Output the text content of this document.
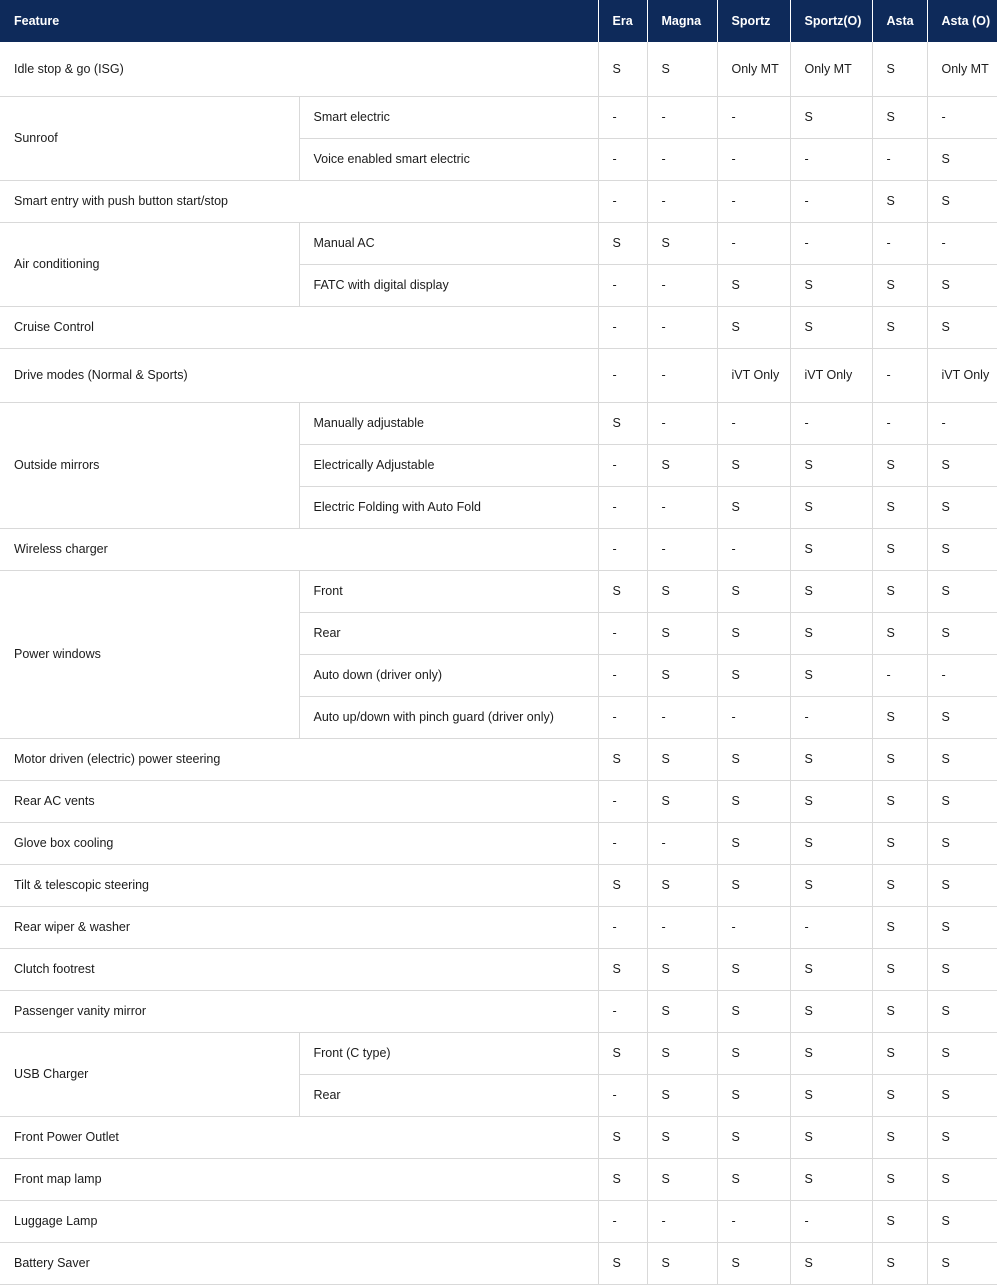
Feature		Era	Magna	Sportz	Sportz(O)	Asta	Asta (O)
Idle stop & go (ISG)		S	S	Only MT	Only MT	S	Only MT
Sunroof	Smart electric	-	-	-	S	S	-
	Voice enabled smart electric	-	-	-	-	-	S
Smart entry with push button start/stop		-	-	-	-	S	S
Air conditioning	Manual AC	S	S	-	-	-	-
	FATC with digital display	-	-	S	S	S	S
Cruise Control		-	-	S	S	S	S
Drive modes (Normal & Sports)		-	-	iVT Only	iVT Only	-	iVT Only
Outside mirrors	Manually adjustable	S	-	-	-	-	-
	Electrically Adjustable	-	S	S	S	S	S
	Electric Folding with Auto Fold	-	-	S	S	S	S
Wireless charger		-	-	-	S	S	S
Power windows	Front	S	S	S	S	S	S
	Rear	-	S	S	S	S	S
	Auto down (driver only)	-	S	S	S	-	-
	Auto up/down with pinch guard (driver only)	-	-	-	-	S	S
Motor driven (electric) power steering		S	S	S	S	S	S
Rear AC vents		-	S	S	S	S	S
Glove box cooling		-	-	S	S	S	S
Tilt & telescopic steering		S	S	S	S	S	S
Rear wiper & washer		-	-	-	-	S	S
Clutch footrest		S	S	S	S	S	S
Passenger vanity mirror		-	S	S	S	S	S
USB Charger	Front (C type)	S	S	S	S	S	S
	Rear	-	S	S	S	S	S
Front Power Outlet		S	S	S	S	S	S
Front map lamp		S	S	S	S	S	S
Luggage Lamp		-	-	-	-	S	S
Battery Saver		S	S	S	S	S	S
